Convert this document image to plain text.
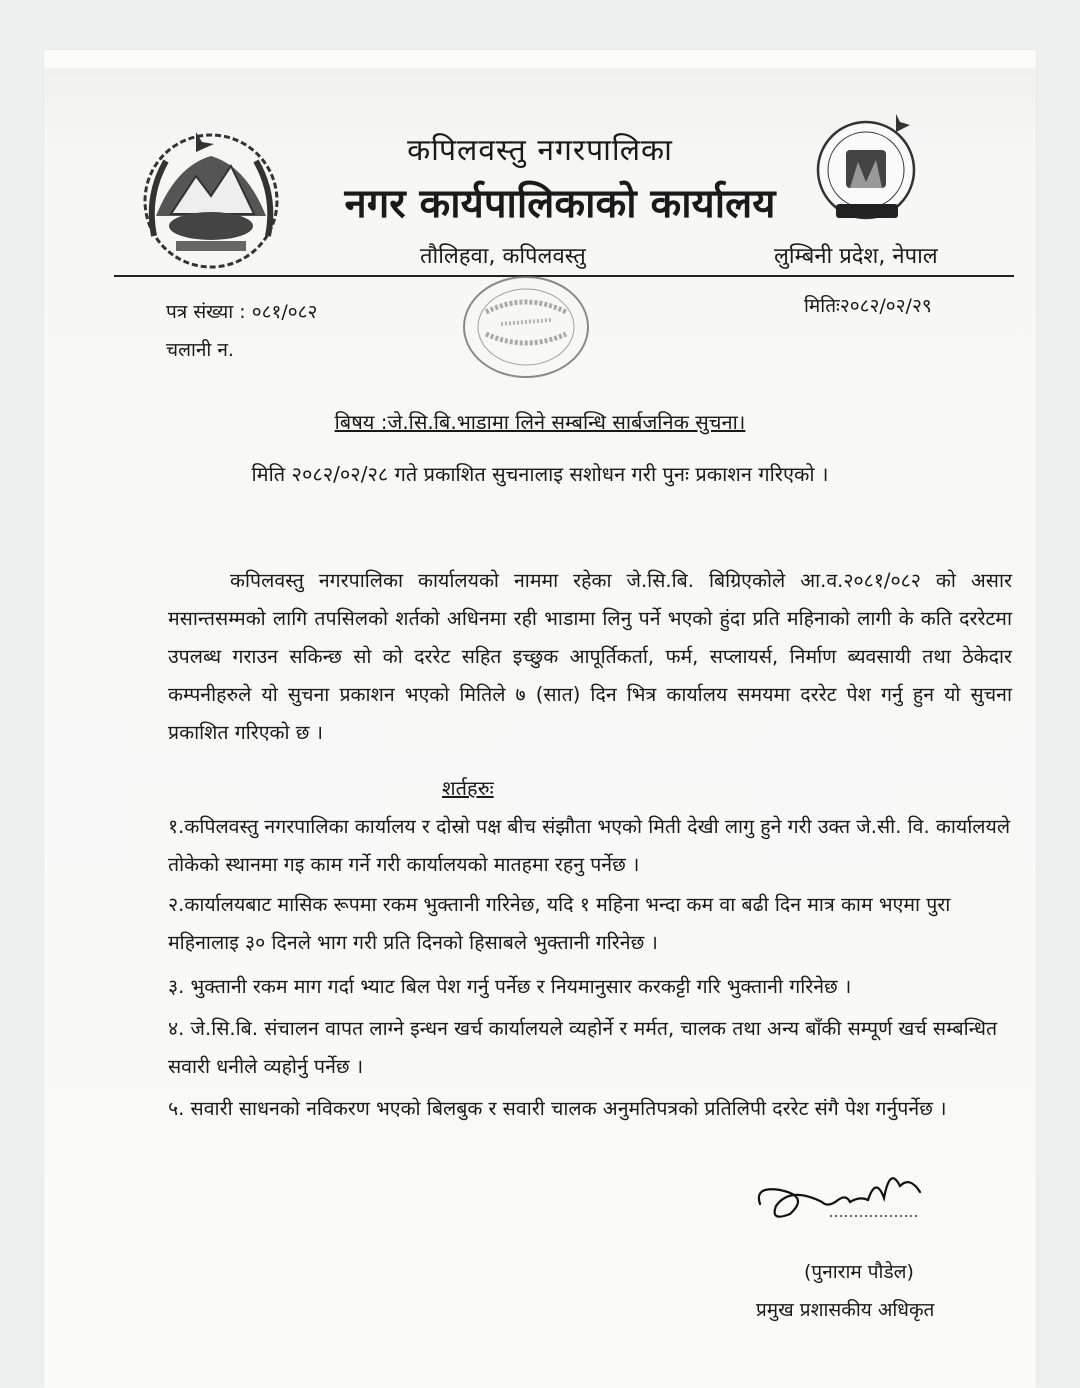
कपिलवस्तु नगरपालिका
नगर कार्यपालिकाको कार्यालय
तौलिहवा, कपिलवस्तु	लुम्बिनी प्रदेश, नेपाल
पत्र संख्या : ०८१/०८२
चलानी न.
मितिः२०८२/०२/२९
बिषय :जे.सि.बि.भाडामा लिने सम्बन्धि सार्बजनिक सुचना।
मिति २०८२/०२/२८ गते प्रकाशित सुचनालाइ सशोधन गरी पुनः प्रकाशन गरिएको ।
कपिलवस्तु नगरपालिका कार्यालयको नाममा रहेका जे.सि.बि. बिग्रिएकोले आ.व.२०८१/०८२ को असार मसान्तसम्मको लागि तपसिलको शर्तको अधिनमा रही भाडामा लिनु पर्ने भएको हुंदा प्रति महिनाको लागी के कति दररेटमा उपलब्ध गराउन सकिन्छ सो को दररेट सहित इच्छुक आपूर्तिकर्ता, फर्म, सप्लायर्स, निर्माण ब्यवसायी तथा ठेकेदार कम्पनीहरुले यो सुचना प्रकाशन भएको मितिले ७ (सात) दिन भित्र कार्यालय समयमा दररेट पेश गर्नु हुन यो सुचना प्रकाशित गरिएको छ ।
शर्तहरुः
१.कपिलवस्तु नगरपालिका कार्यालय र दोस्रो पक्ष बीच संझौता भएको मिती देखी लागु हुने गरी उक्त जे.सी. वि. कार्यालयले तोकेको स्थानमा गइ काम गर्ने गरी कार्यालयको मातहमा रहनु पर्नेछ ।
२.कार्यालयबाट मासिक रूपमा रकम भुक्तानी गरिनेछ, यदि १ महिना भन्दा कम वा बढी दिन मात्र काम भएमा पुरा महिनालाइ ३० दिनले भाग गरी प्रति दिनको हिसाबले भुक्तानी गरिनेछ ।
३. भुक्तानी रकम माग गर्दा भ्याट बिल पेश गर्नु पर्नेछ र नियमानुसार करकट्टी गरि भुक्तानी गरिनेछ ।
४. जे.सि.बि. संचालन वापत लाग्ने इन्धन खर्च कार्यालयले व्यहोर्ने र मर्मत, चालक तथा अन्य बाँकी सम्पूर्ण खर्च सम्बन्धित सवारी धनीले व्यहोर्नु पर्नेछ ।
५. सवारी साधनको नविकरण भएको बिलबुक र सवारी चालक अनुमतिपत्रको प्रतिलिपी दररेट संगै पेश गर्नुपर्नेछ ।
(पुनाराम पौडेल)
प्रमुख प्रशासकीय अधिकृत
